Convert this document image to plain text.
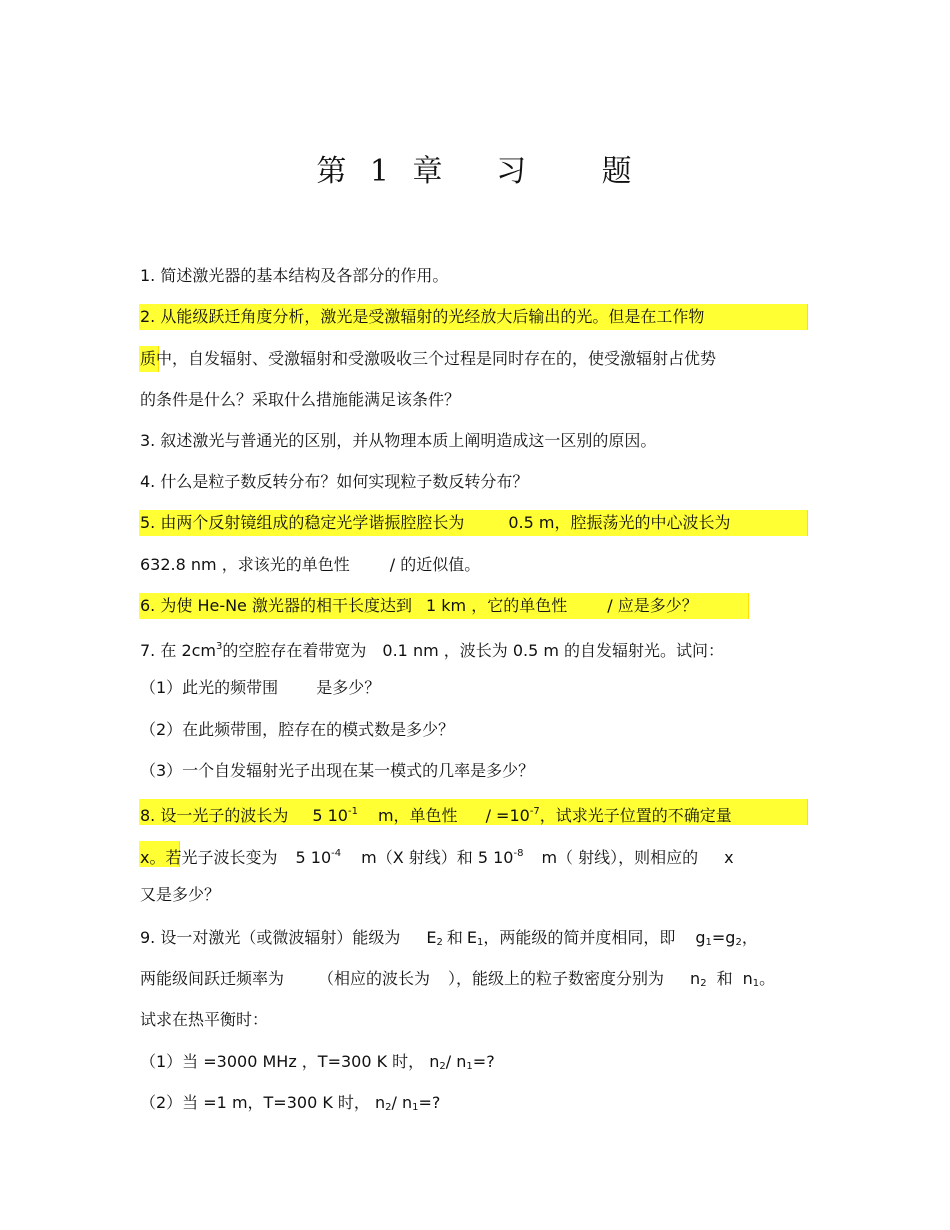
第 1 章 习 题
1. 简述激光器的基本结构及各部分的作用。
2. 从能级跃迁角度分析，激光是受激辐射的光经放大后输出的光。但是在工作物
质中，自发辐射、受激辐射和受激吸收三个过程是同时存在的，使受激辐射占优势
的条件是什么？采取什么措施能满足该条件？
3. 叙述激光与普通光的区别，并从物理本质上阐明造成这一区别的原因。
4. 什么是粒子数反转分布？如何实现粒子数反转分布？
5. 由两个反射镜组成的稳定光学谐振腔腔长为	0.5 m，腔振荡光的中心波长为
632.8 nm ，求该光的单色性	/ 的近似值。
6. 为使 He-Ne 激光器的相干长度达到 1 km ，它的单色性	/ 应是多少？
7. 在 $2cm^3$的空腔存在着带宽为 0.1 nm ，波长为 0.5 m 的自发辐射光。试问：
（1）此光的频带围 是多少？
（2）在此频带围，腔存在的模式数是多少？
（3）一个自发辐射光子出现在某一模式的几率是多少？
8. 设一光子的波长为 5 $10^{-1}$ m，单色性 / $=10^{-7}$，试求光子位置的不确定量
x。若光子波长变为 5 $10^{-4}$ m（X 射线）和 5 $10^{-8}$ m（ 射线），则相应的 x
又是多少？
9. 设一对激光（或微波辐射）能级为 $E_2$ 和 $E_1$，两能级的简并度相同，即 $g_1=g_2$，
两能级间跃迁频率为 （相应的波长为 ），能级上的粒子数密度分别为 $n_2$ 和 $n_1$。
试求在热平衡时：
（1）当 =3000 MHz ，T=300 K 时， $n_2/$ $n_1=$?
（2）当 =1 m，T=300 K 时， $n_2/$ $n_1=$?
